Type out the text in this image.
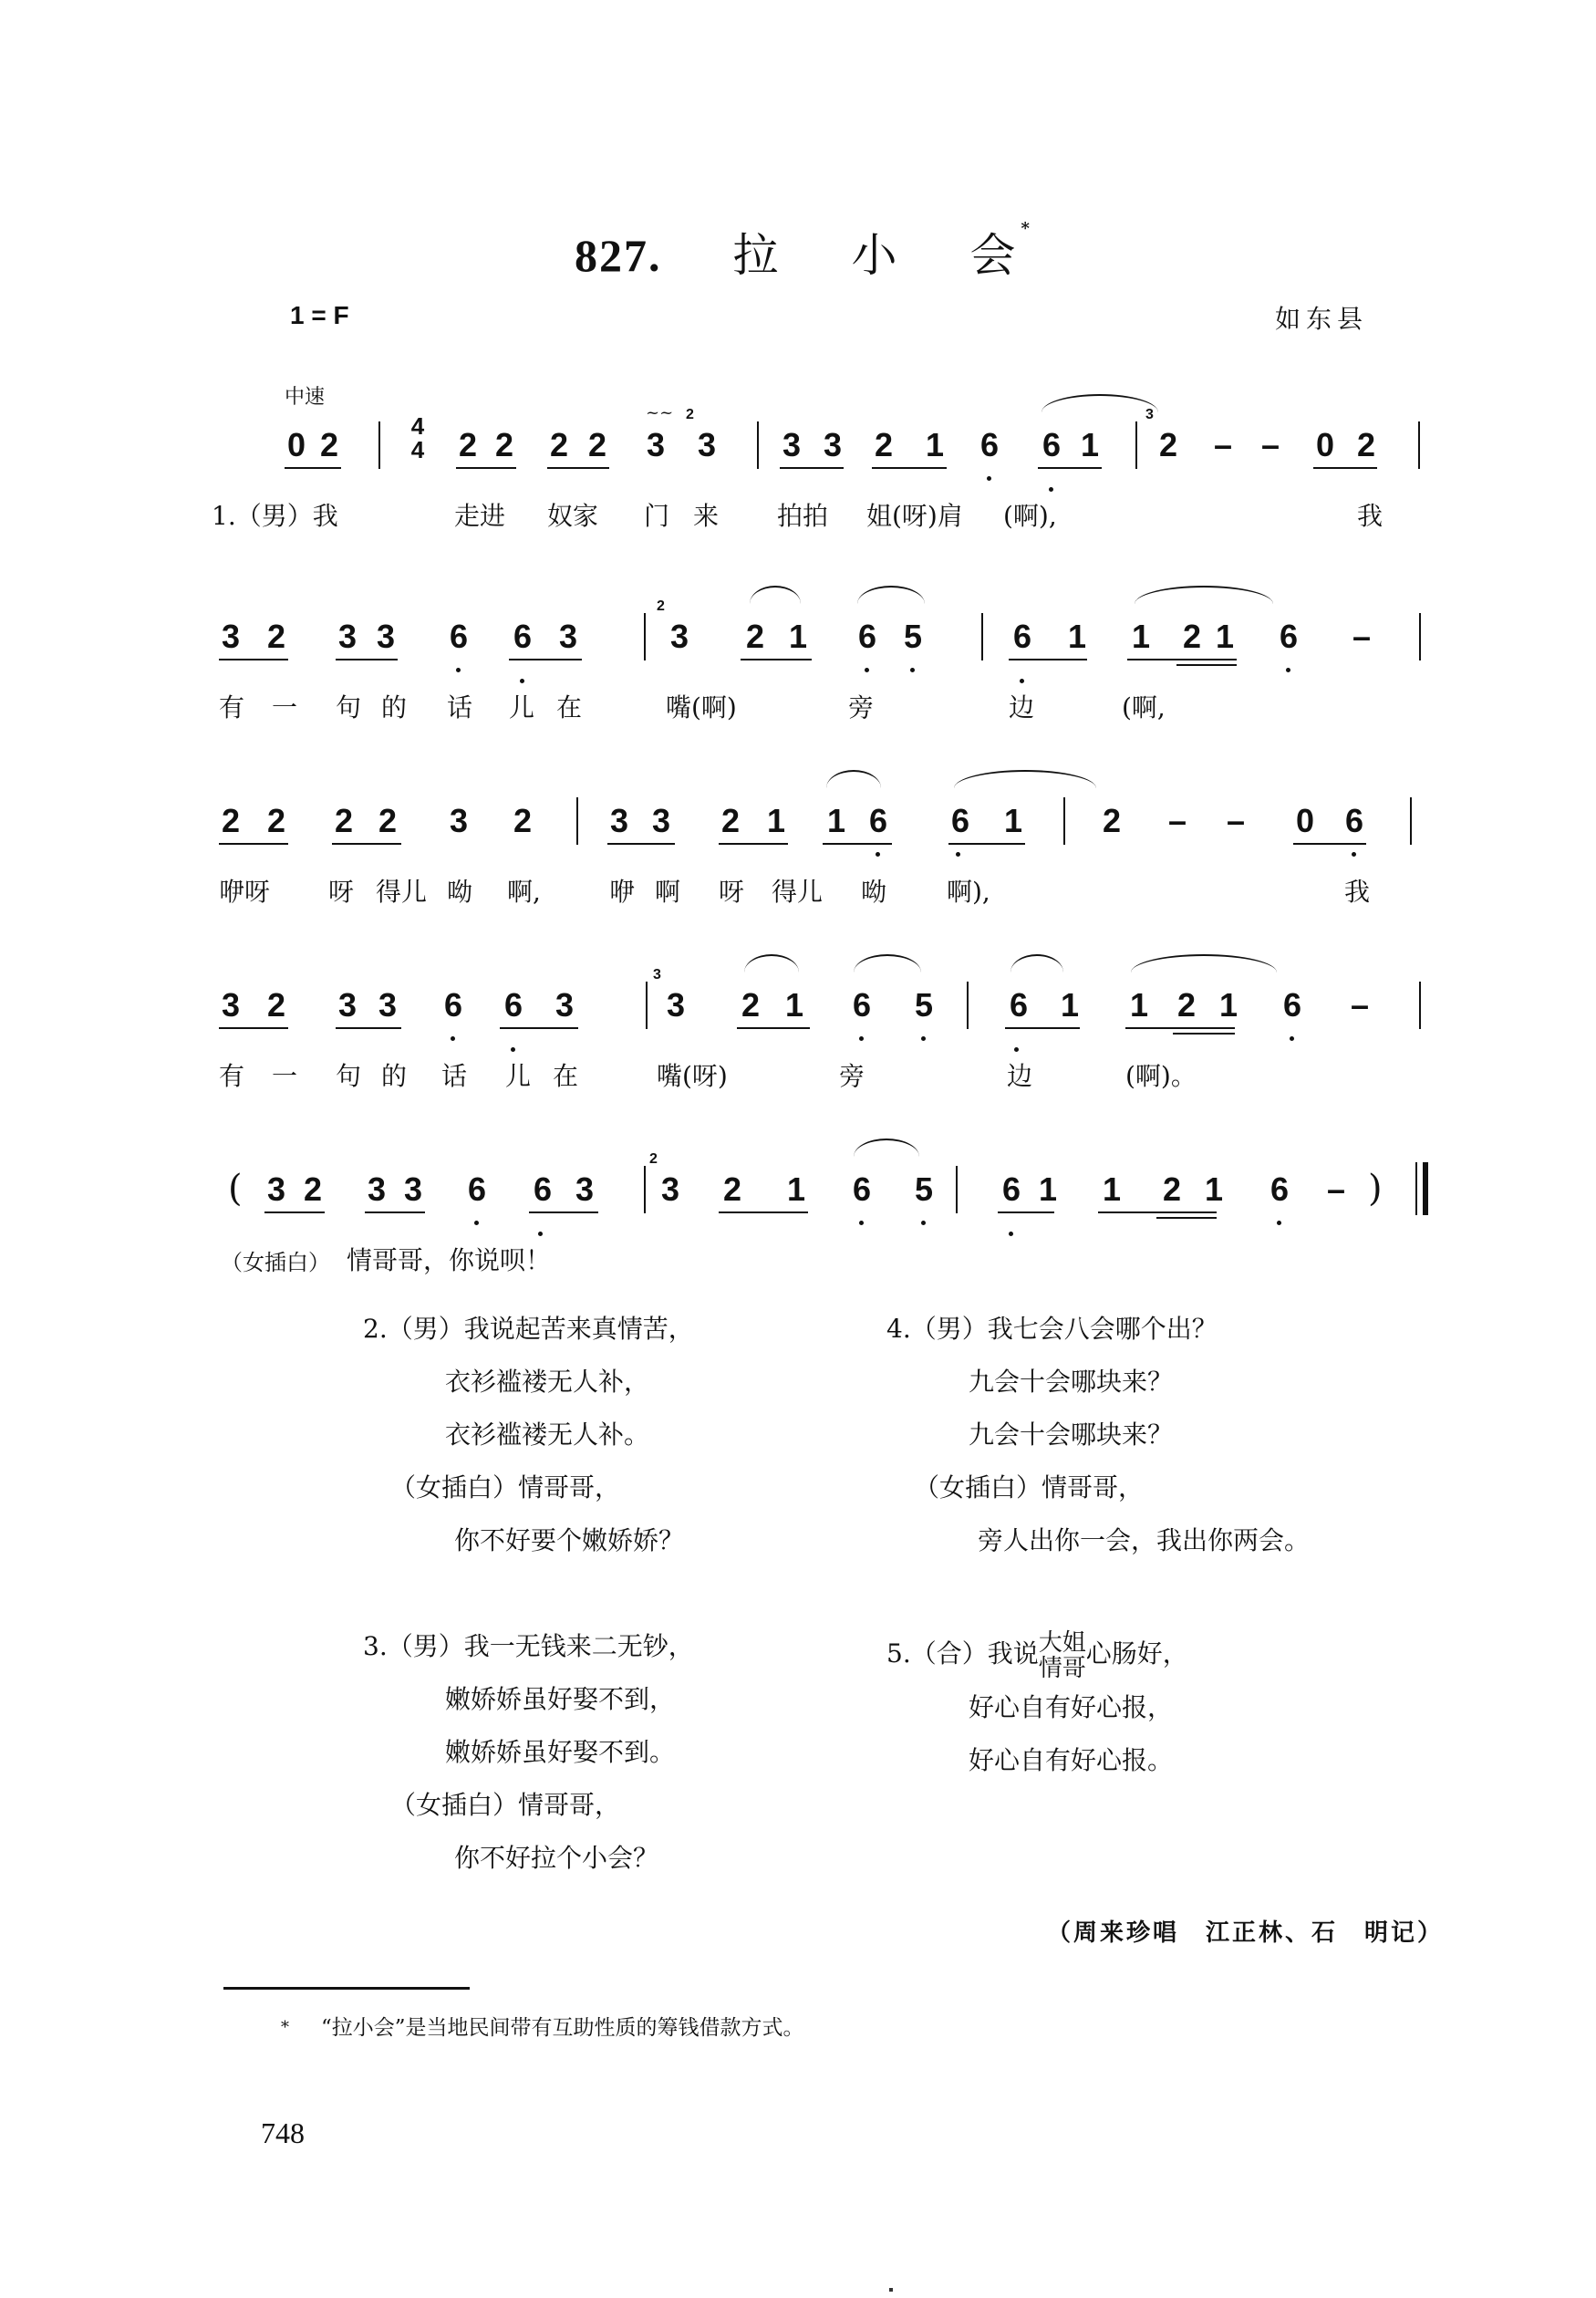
827. 拉 小 会*
1 = F	如东县
中速
0 2	4
4 2 2 2 2 3
~~ 2
3 3 3 2 1 6 6 1
3
2 – – 0 2
1.（男）我	走进 奴家 门 来 拍拍 姐(呀)肩 (啊),	我
3 2 3 3 6 6 3
2
3 2 1 6 5	6 1 1 2 1 6 –
有 一 句 的 话 儿 在	嘴(啊)	旁	边	(啊,
2 2 2 2 3 2 3 3 2 1 1 6 6 1 2 – – 0 6
咿呀 呀 得儿 呦 啊,	咿 啊 呀 得儿 呦 啊),	我
3 2 3 3 6 6 3
3
3 2 1 6 5 6 1 1 2 1 6 –
有 一 句 的 话 儿 在	嘴(呀)	旁	边	(啊)。
( 3 2 3 3 6 6 3
2
3 2 1 6 5 6 1 1 2 1 6 – )
（女插白） 情哥哥，你说呗！
2.（男）我说起苦来真情苦，
衣衫褴褛无人补，
衣衫褴褛无人补。
（女插白）情哥哥，
你不好要个嫩娇娇？
3.（男）我一无钱来二无钞，
嫩娇娇虽好娶不到，
嫩娇娇虽好娶不到。
（女插白）情哥哥，
你不好拉个小会？
4.（男）我七会八会哪个出？
九会十会哪块来？
九会十会哪块来？
（女插白）情哥哥，
旁人出你一会，我出你两会。
5.（合）我说大姐
情哥心肠好，
好心自有好心报，
好心自有好心报。
（周来珍唱　江正林、石　明记）
* “拉小会”是当地民间带有互助性质的筹钱借款方式。
748
